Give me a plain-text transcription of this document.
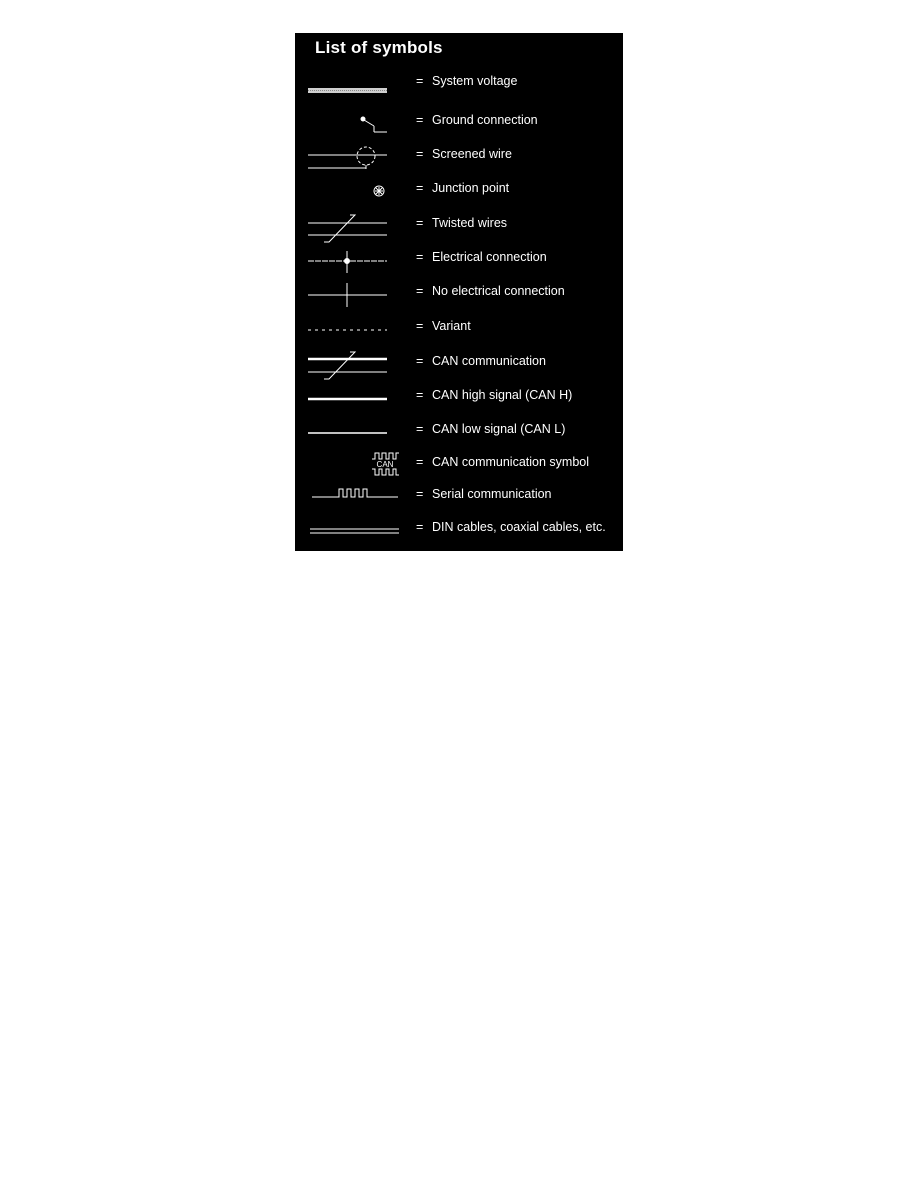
List of symbols
CAN
= System voltage
= Ground connection
= Screened wire
= Junction point
= Twisted wires
= Electrical connection
= No electrical connection
= Variant
= CAN communication
= CAN high signal (CAN H)
= CAN low signal (CAN L)
= CAN communication symbol
= Serial communication
= DIN cables, coaxial cables, etc.
